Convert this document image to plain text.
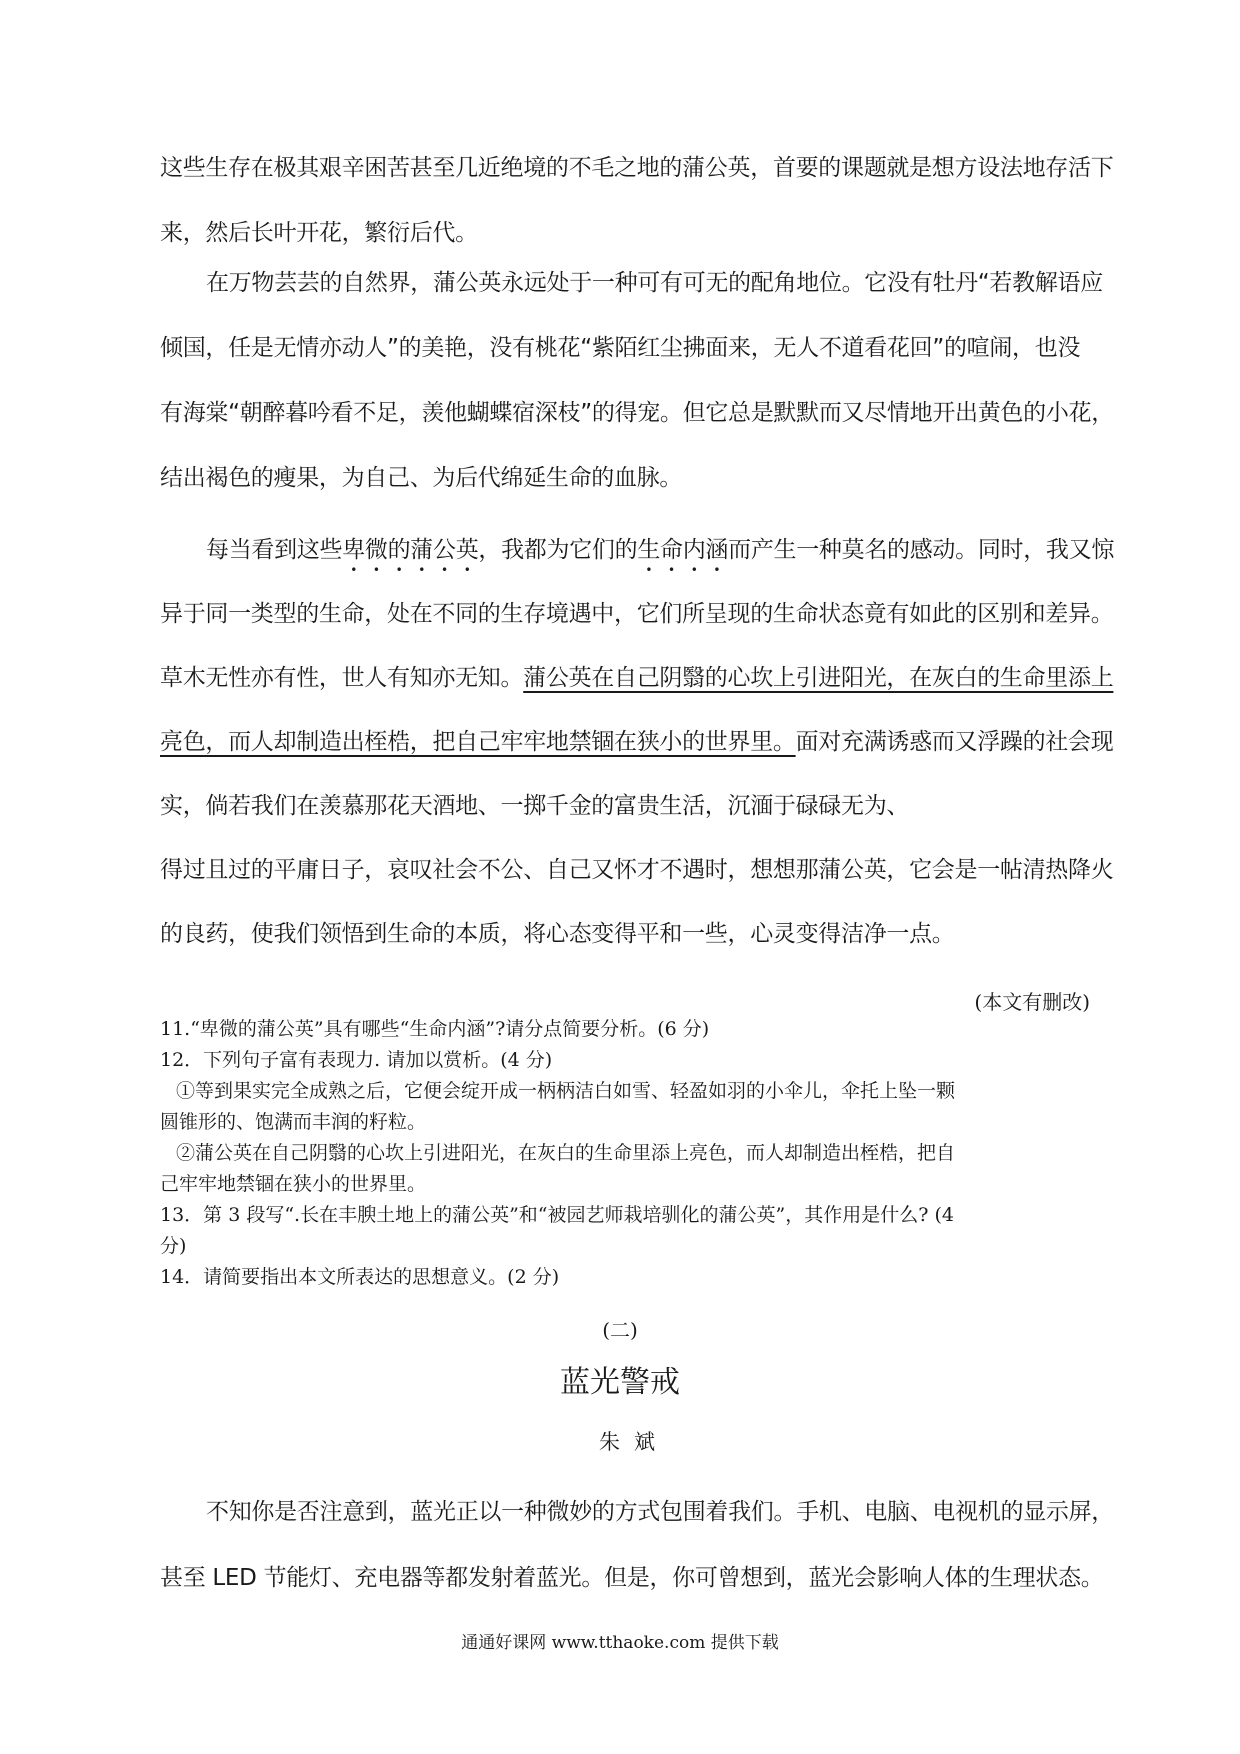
这些生存在极其艰辛困苦甚至几近绝境的不毛之地的蒲公英，首要的课题就是想方设法地存活下
来，然后长叶开花，繁衍后代。
在万物芸芸的自然界，蒲公英永远处于一种可有可无的配角地位。它没有牡丹“若教解语应
倾国，任是无情亦动人”的美艳，没有桃花“紫陌红尘拂面来，无人不道看花回”的喧闹，也没
有海棠“朝醉暮吟看不足，羡他蝴蝶宿深枝”的得宠。但它总是默默而又尽情地开出黄色的小花，
结出褐色的瘦果，为自己、为后代绵延生命的血脉。
每当看到这些卑微的蒲公英，我都为它们的生命内涵而产生一种莫名的感动。同时，我又惊
异于同一类型的生命，处在不同的生存境遇中，它们所呈现的生命状态竟有如此的区别和差异。
草木无性亦有性，世人有知亦无知。蒲公英在自己阴翳的心坎上引进阳光，在灰白的生命里添上
亮色，而人却制造出桎梏，把自己牢牢地禁锢在狭小的世界里。面对充满诱惑而又浮躁的社会现
实，倘若我们在羡慕那花天酒地、一掷千金的富贵生活，沉湎于碌碌无为、
得过且过的平庸日子，哀叹社会不公、自己又怀才不遇时，想想那蒲公英，它会是一帖清热降火
的良药，使我们领悟到生命的本质，将心态变得平和一些，心灵变得洁净一点。
(本文有删改)
11.“卑微的蒲公英”具有哪些“生命内涵”?请分点简要分析。(6 分)
12．下列句子富有表现力. 请加以赏析。(4 分)
①等到果实完全成熟之后，它便会绽开成一柄柄洁白如雪、轻盈如羽的小伞儿，伞托上坠一颗
圆锥形的、饱满而丰润的籽粒。
②蒲公英在自己阴翳的心坎上引进阳光，在灰白的生命里添上亮色，而人却制造出桎梏，把自
己牢牢地禁锢在狭小的世界里。
13．第 3 段写“.长在丰腴土地上的蒲公英”和“被园艺师栽培驯化的蒲公英”，其作用是什么? (4
分)
14．请简要指出本文所表达的思想意义。(2 分)
(二)
蓝光警戒
朱斌
不知你是否注意到，蓝光正以一种微妙的方式包围着我们。手机、电脑、电视机的显示屏，
甚至 LED 节能灯、充电器等都发射着蓝光。但是，你可曾想到，蓝光会影响人体的生理状态。
通通好课网 www.tthaoke.com 提供下载
